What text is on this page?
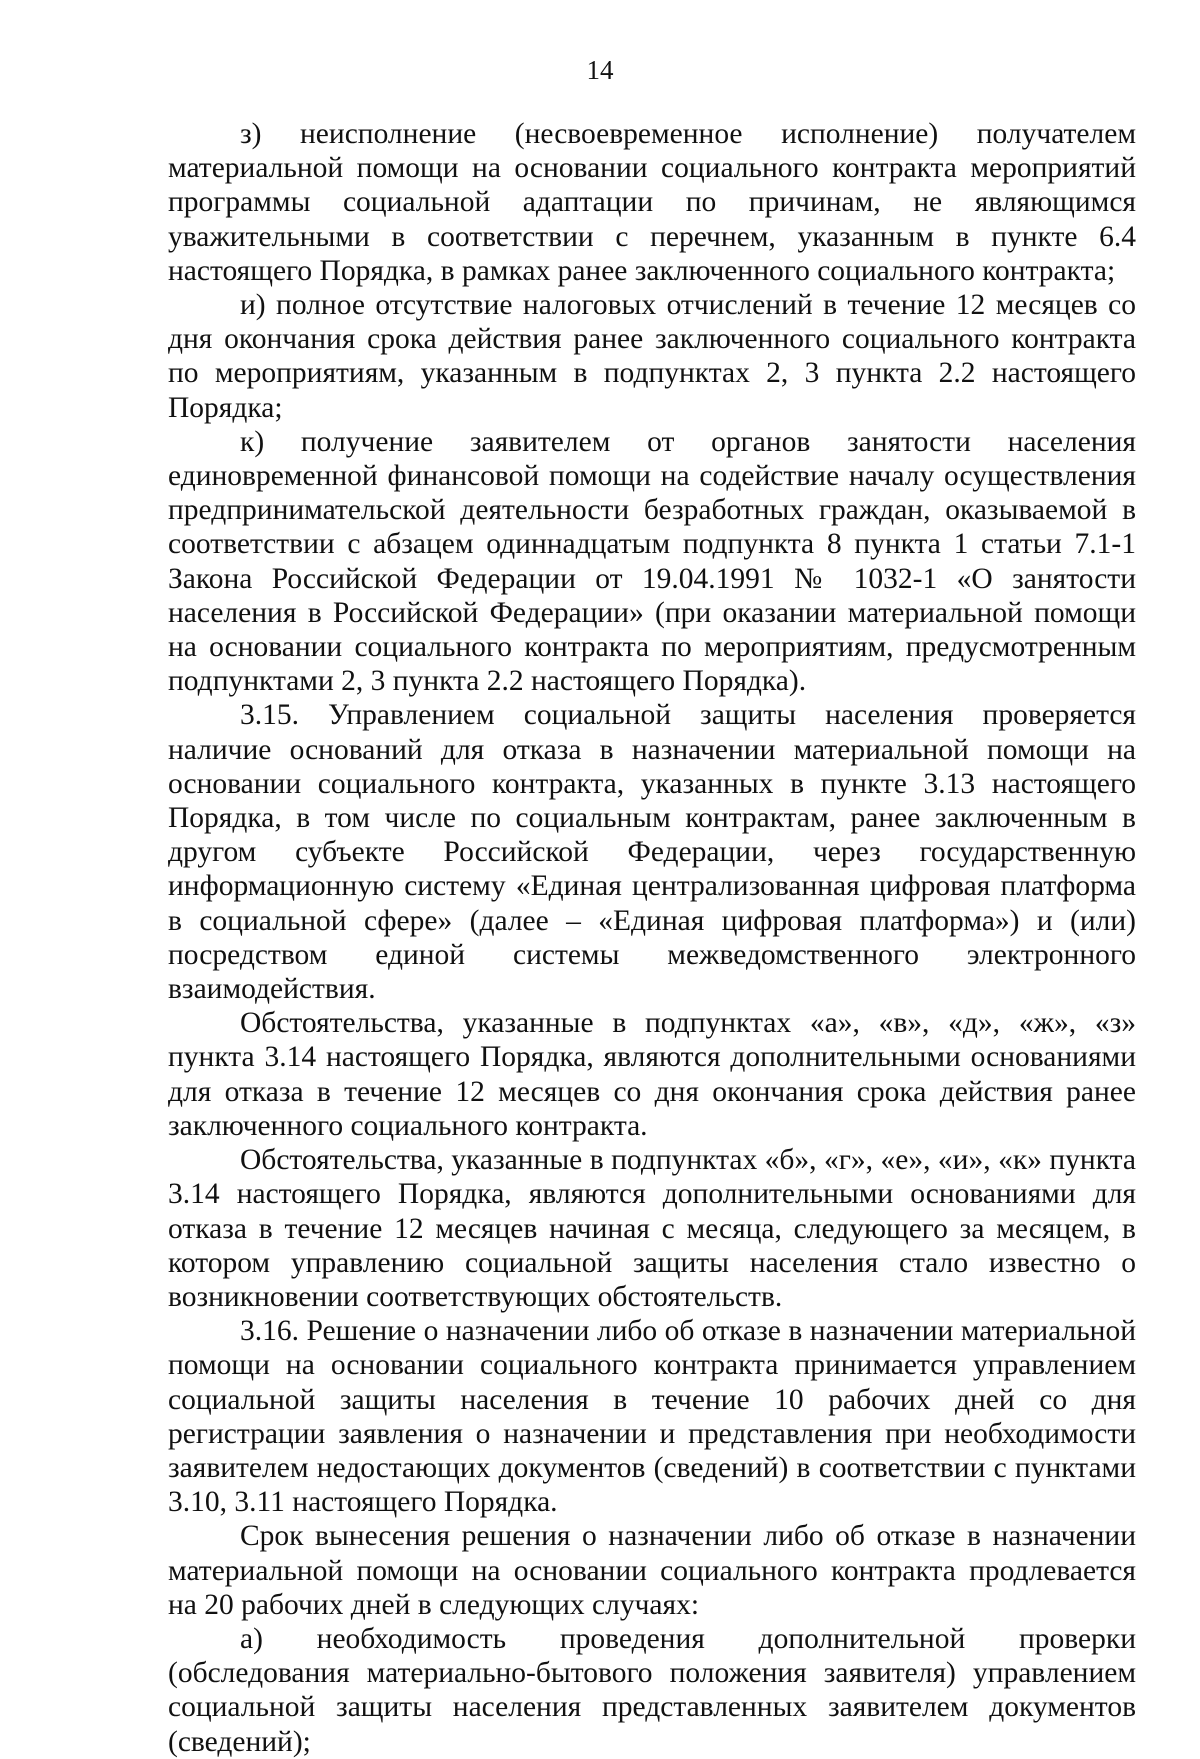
14

з) неисполнение (несвоевременное исполнение) получателем материальной помощи на основании социального контракта мероприятий программы социальной адаптации по причинам, не являющимся уважительными в соответствии с перечнем, указанным в пункте 6.4 настоящего Порядка, в рамках ранее заключенного социального контракта;

и) полное отсутствие налоговых отчислений в течение 12 месяцев со дня окончания срока действия ранее заключенного социального контракта по мероприятиям, указанным в подпунктах 2, 3 пункта 2.2 настоящего Порядка;

к) получение заявителем от органов занятости населения единовременной финансовой помощи на содействие началу осуществления предпринимательской деятельности безработных граждан, оказываемой в соответствии с абзацем одиннадцатым подпункта 8 пункта 1 статьи 7.1-1 Закона Российской Федерации от 19.04.1991 № 1032-1 «О занятости населения в Российской Федерации» (при оказании материальной помощи на основании социального контракта по мероприятиям, предусмотренным подпунктами 2, 3 пункта 2.2 настоящего Порядка).

3.15. Управлением социальной защиты населения проверяется наличие оснований для отказа в назначении материальной помощи на основании социального контракта, указанных в пункте 3.13 настоящего Порядка, в том числе по социальным контрактам, ранее заключенным в другом субъекте Российской Федерации, через государственную информационную систему «Единая централизованная цифровая платформа в социальной сфере» (далее – «Единая цифровая платформа») и (или) посредством единой системы межведомственного электронного взаимодействия.

Обстоятельства, указанные в подпунктах «а», «в», «д», «ж», «з» пункта 3.14 настоящего Порядка, являются дополнительными основаниями для отказа в течение 12 месяцев со дня окончания срока действия ранее заключенного социального контракта.

Обстоятельства, указанные в подпунктах «б», «г», «е», «и», «к» пункта 3.14 настоящего Порядка, являются дополнительными основаниями для отказа в течение 12 месяцев начиная с месяца, следующего за месяцем, в котором управлению социальной защиты населения стало известно о возникновении соответствующих обстоятельств.

3.16. Решение о назначении либо об отказе в назначении материальной помощи на основании социального контракта принимается управлением социальной защиты населения в течение 10 рабочих дней со дня регистрации заявления о назначении и представления при необходимости заявителем недостающих документов (сведений) в соответствии с пунктами 3.10, 3.11 настоящего Порядка.

Срок вынесения решения о назначении либо об отказе в назначении материальной помощи на основании социального контракта продлевается на 20 рабочих дней в следующих случаях:

а) необходимость проведения дополнительной проверки (обследования материально-бытового положения заявителя) управлением социальной защиты населения представленных заявителем документов (сведений);
